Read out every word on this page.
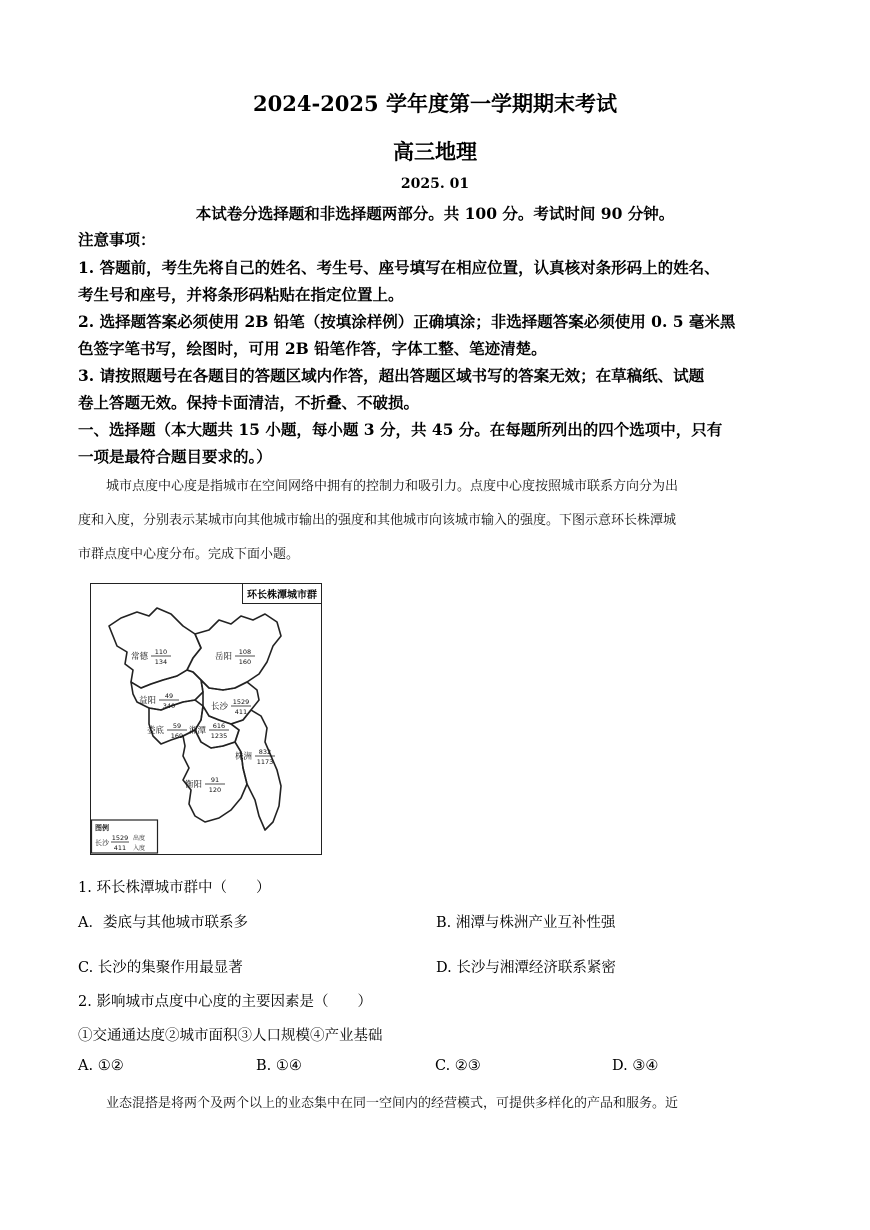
2024-2025 学年度第一学期期末考试
高三地理
2025. 01
本试卷分选择题和非选择题两部分。共 100 分。考试时间 90 分钟。
注意事项：
1. 答题前，考生先将自己的姓名、考生号、座号填写在相应位置，认真核对条形码上的姓名、
考生号和座号，并将条形码粘贴在指定位置上。
2. 选择题答案必须使用 2B 铅笔（按填涂样例）正确填涂；非选择题答案必须使用 0. 5 毫米黑
色签字笔书写，绘图时，可用 2B 铅笔作答，字体工整、笔迹清楚。
3. 请按照题号在各题目的答题区域内作答，超出答题区域书写的答案无效；在草稿纸、试题
卷上答题无效。保持卡面清洁，不折叠、不破损。
一、选择题（本大题共 15 小题，每小题 3 分，共 45 分。在每题所列出的四个选项中，只有
一项是最符合题目要求的。）
城市点度中心度是指城市在空间网络中拥有的控制力和吸引力。点度中心度按照城市联系方向分为出
度和入度，分别表示某城市向其他城市输出的强度和其他城市向该城市输入的强度。下图示意环长株潭城
市群点度中心度分布。完成下面小题。
环长株潭城市群
常德 110
134	岳阳 108
160
益阳 49
340	长沙 1529
411
娄底 59
169 湘潭 616
1235
株洲 832
1173
衡阳 91
120
图例
长沙
1529
411
出度
入度
1. 环长株潭城市群中（　　）
A．娄底与其他城市联系多	B. 湘潭与株洲产业互补性强
C. 长沙的集聚作用最显著	D. 长沙与湘潭经济联系紧密
2. 影响城市点度中心度的主要因素是（　　）
①交通通达度②城市面积③人口规模④产业基础
A. ①②	B. ①④	C. ②③	D. ③④
业态混搭是将两个及两个以上的业态集中在同一空间内的经营模式，可提供多样化的产品和服务。近
